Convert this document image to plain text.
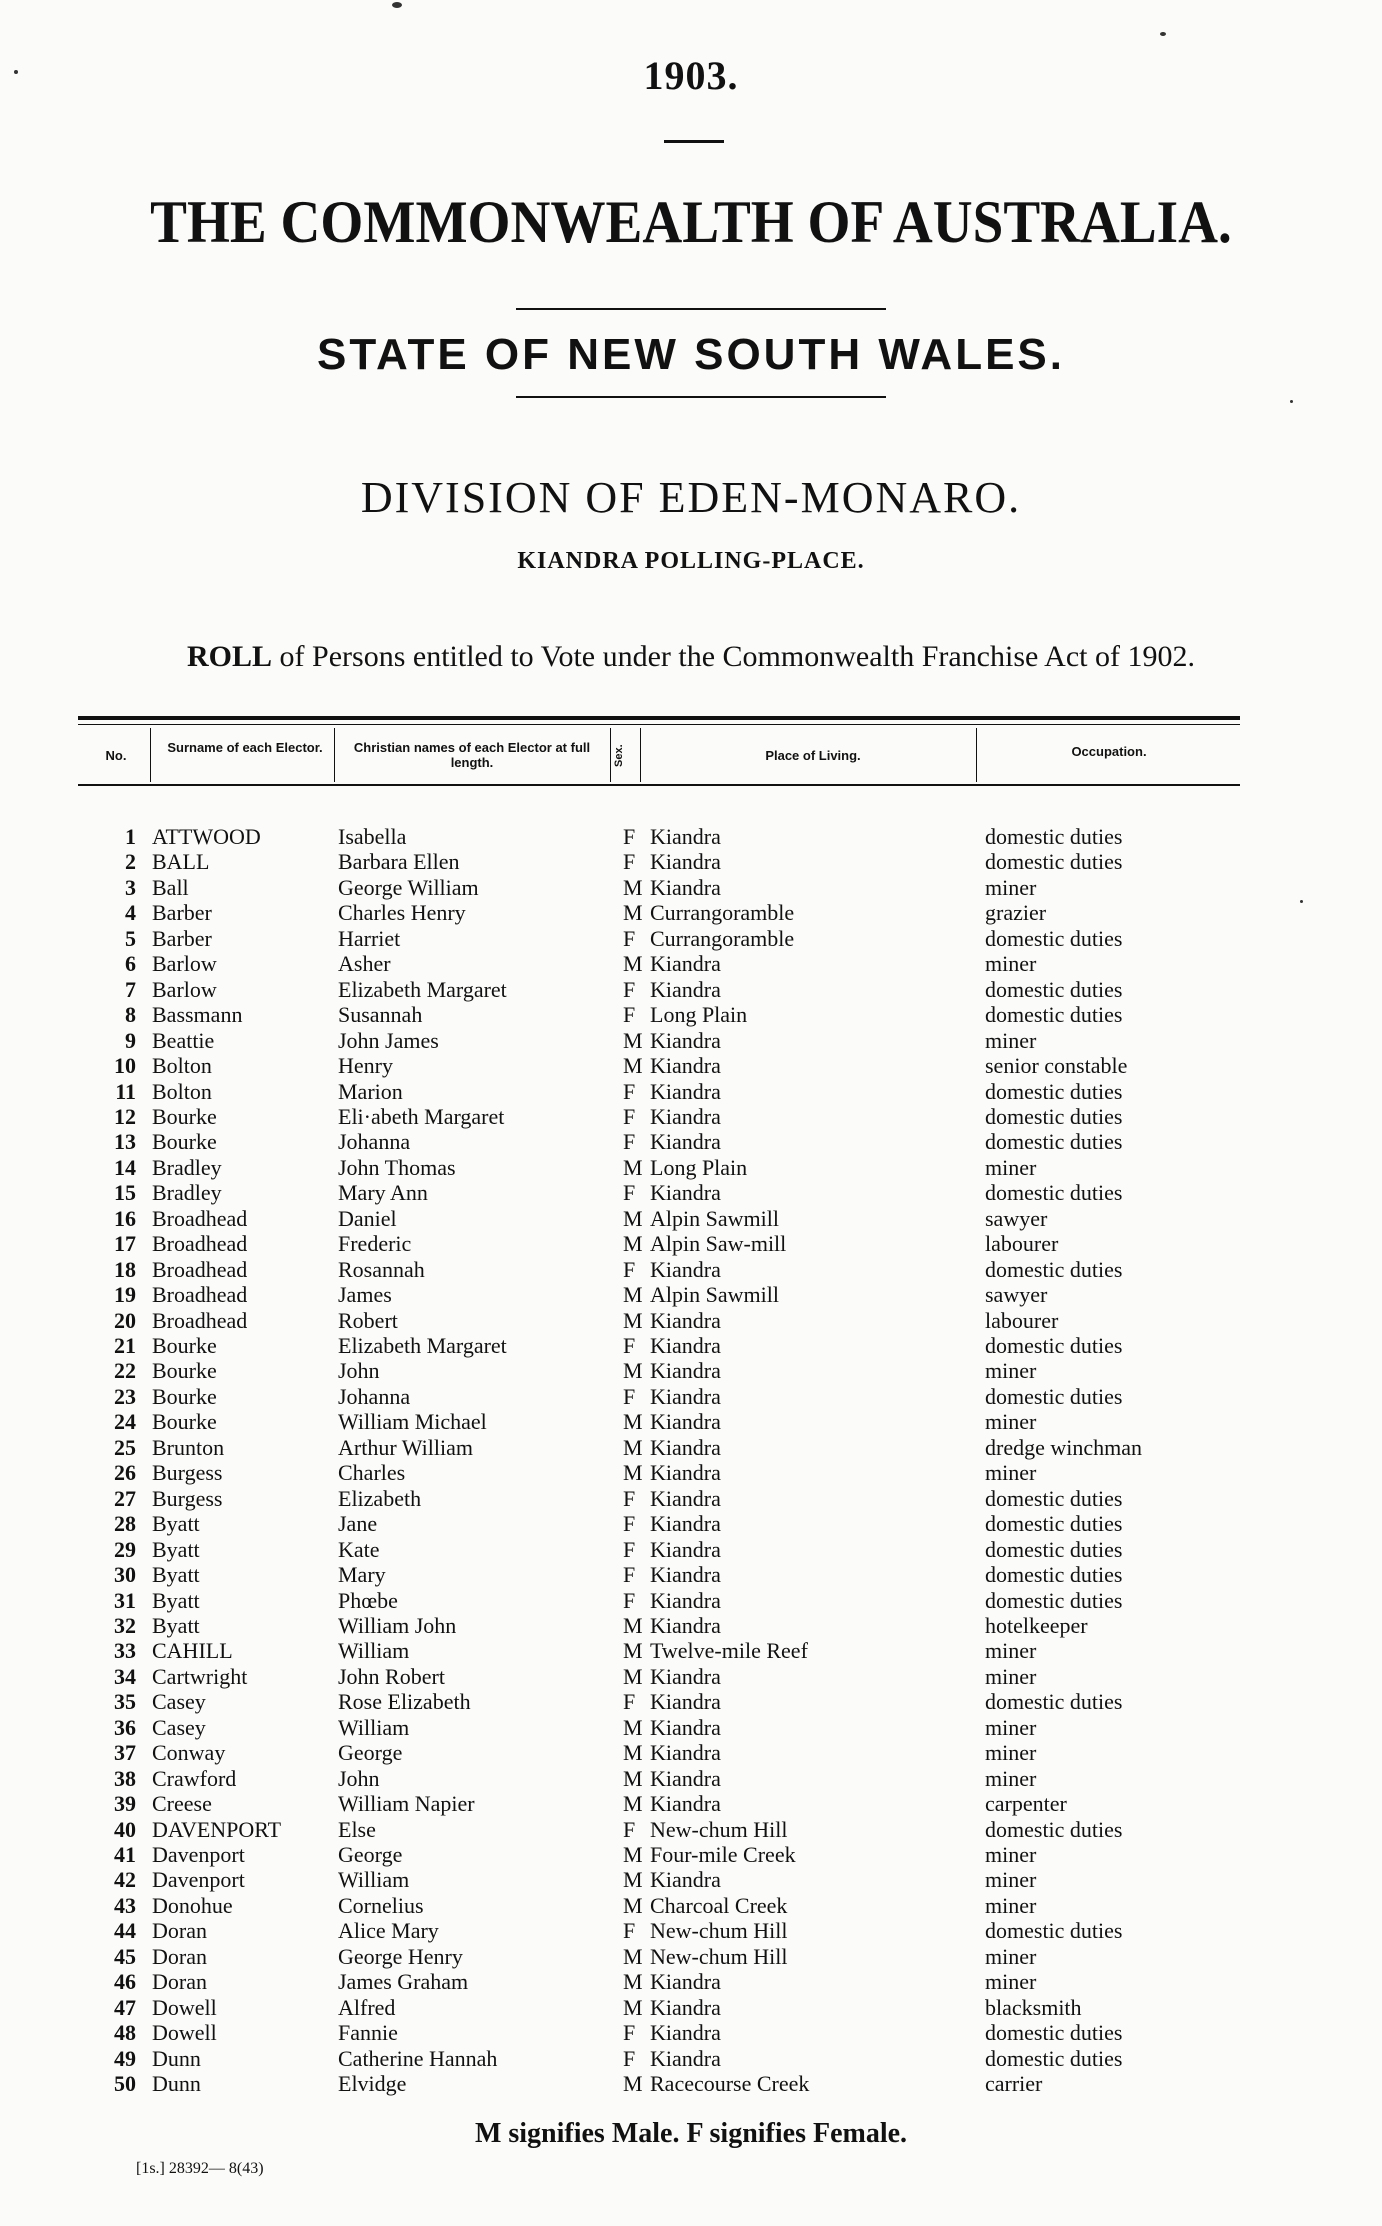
1903.
THE COMMONWEALTH OF AUSTRALIA.
STATE OF NEW SOUTH WALES.
DIVISION OF EDEN-MONARO.
KIANDRA POLLING-PLACE.
ROLL of Persons entitled to Vote under the Commonwealth Franchise Act of 1902.
No.
Surname of each Elector.	Christian names of each Elector at full length.	Sex.	Place of Living.	Occupation.
1 ATTWOOD	Isabella	F Kiandra	domestic duties
2 BALL	Barbara Ellen	F Kiandra	domestic duties
3 Ball	George William	M Kiandra	miner
4 Barber	Charles Henry	M Currangoramble	grazier
5 Barber	Harriet	F Currangoramble	domestic duties
6 Barlow	Asher	M Kiandra	miner
7 Barlow	Elizabeth Margaret	F Kiandra	domestic duties
8 Bassmann	Susannah	F Long Plain	domestic duties
9 Beattie	John James	M Kiandra	miner
10 Bolton	Henry	M Kiandra	senior constable
11 Bolton	Marion	F Kiandra	domestic duties
12 Bourke	Eli·abeth Margaret	F Kiandra	domestic duties
13 Bourke	Johanna	F Kiandra	domestic duties
14 Bradley	John Thomas	M Long Plain	miner
15 Bradley	Mary Ann	F Kiandra	domestic duties
16 Broadhead	Daniel	M Alpin Sawmill	sawyer
17 Broadhead	Frederic	M Alpin Saw-mill	labourer
18 Broadhead	Rosannah	F Kiandra	domestic duties
19 Broadhead	James	M Alpin Sawmill	sawyer
20 Broadhead	Robert	M Kiandra	labourer
21 Bourke	Elizabeth Margaret	F Kiandra	domestic duties
22 Bourke	John	M Kiandra	miner
23 Bourke	Johanna	F Kiandra	domestic duties
24 Bourke	William Michael	M Kiandra	miner
25 Brunton	Arthur William	M Kiandra	dredge winchman
26 Burgess	Charles	M Kiandra	miner
27 Burgess	Elizabeth	F Kiandra	domestic duties
28 Byatt	Jane	F Kiandra	domestic duties
29 Byatt	Kate	F Kiandra	domestic duties
30 Byatt	Mary	F Kiandra	domestic duties
31 Byatt	Phœbe	F Kiandra	domestic duties
32 Byatt	William John	M Kiandra	hotelkeeper
33 CAHILL	William	M Twelve-mile Reef	miner
34 Cartwright	John Robert	M Kiandra	miner
35 Casey	Rose Elizabeth	F Kiandra	domestic duties
36 Casey	William	M Kiandra	miner
37 Conway	George	M Kiandra	miner
38 Crawford	John	M Kiandra	miner
39 Creese	William Napier	M Kiandra	carpenter
40 DAVENPORT	Else	F New-chum Hill	domestic duties
41 Davenport	George	M Four-mile Creek	miner
42 Davenport	William	M Kiandra	miner
43 Donohue	Cornelius	M Charcoal Creek	miner
44 Doran	Alice Mary	F New-chum Hill	domestic duties
45 Doran	George Henry	M New-chum Hill	miner
46 Doran	James Graham	M Kiandra	miner
47 Dowell	Alfred	M Kiandra	blacksmith
48 Dowell	Fannie	F Kiandra	domestic duties
49 Dunn	Catherine Hannah	F Kiandra	domestic duties
50 Dunn	Elvidge	M Racecourse Creek	carrier
M signifies Male. F signifies Female.
[1s.] 28392— 8(43)
